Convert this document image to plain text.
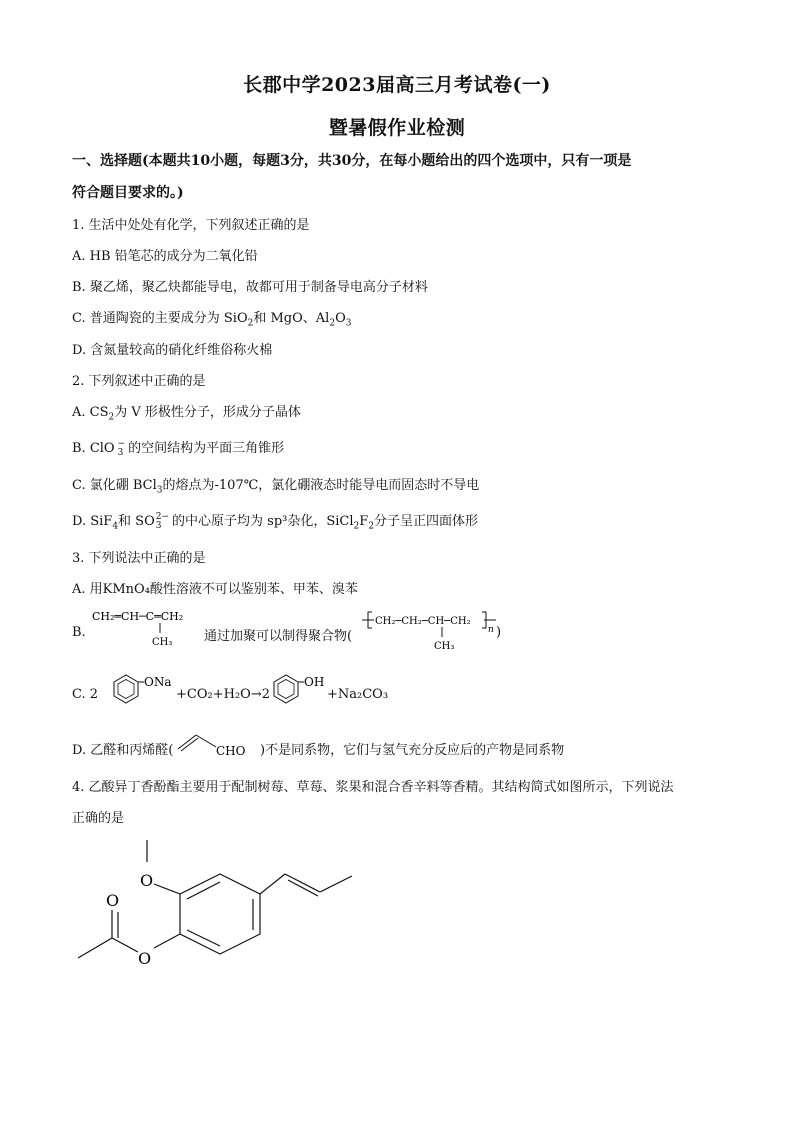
长郡中学2023届高三月考试卷(一)
暨暑假作业检测
一、选择题(本题共10小题，每题3分，共30分，在每小题给出的四个选项中，只有一项是
符合题目要求的。)
1. 生活中处处有化学，下列叙述正确的是
A. HB 铅笔芯的成分为二氧化铅
B. 聚乙烯，聚乙炔都能导电，故都可用于制备导电高分子材料
C. 普通陶瓷的主要成分为 SiO$_2$和 MgO、$Al_2O_3$
D. 含氮量较高的硝化纤维俗称火棉
2. 下列叙述中正确的是
A. $CS_2$为 V 形极性分子，形成分子晶体
B. ClO −
3 的空间结构为平面三角锥形
C. 氯化硼 BCl$_3$的熔点为-107℃，氯化硼液态时能导电而固态时不导电
D. SiF$_4$和 SO 2−
3 的中心原子均为 sp³杂化，$SiCl_2F_2$分子呈正四面体形
3. 下列说法中正确的是
A. 用KMnO₄酸性溶液不可以鉴别苯、甲苯、溴苯
B.
CH₂═CH─C═CH₂
CH₃ 通过加聚可以制得聚合物(
CH₂─CH₂─CH─CH₂
n
CH₃
)
C. 2
ONa
+CO₂+H₂O→2
OH
+Na₂CO₃
D. 乙醛和丙烯醛(	CHO )不是同系物，它们与氢气充分反应后的产物是同系物
4. 乙酸异丁香酚酯主要用于配制树莓、草莓、浆果和混合香辛料等香精。其结构简式如图所示，下列说法
正确的是
O
O
O
